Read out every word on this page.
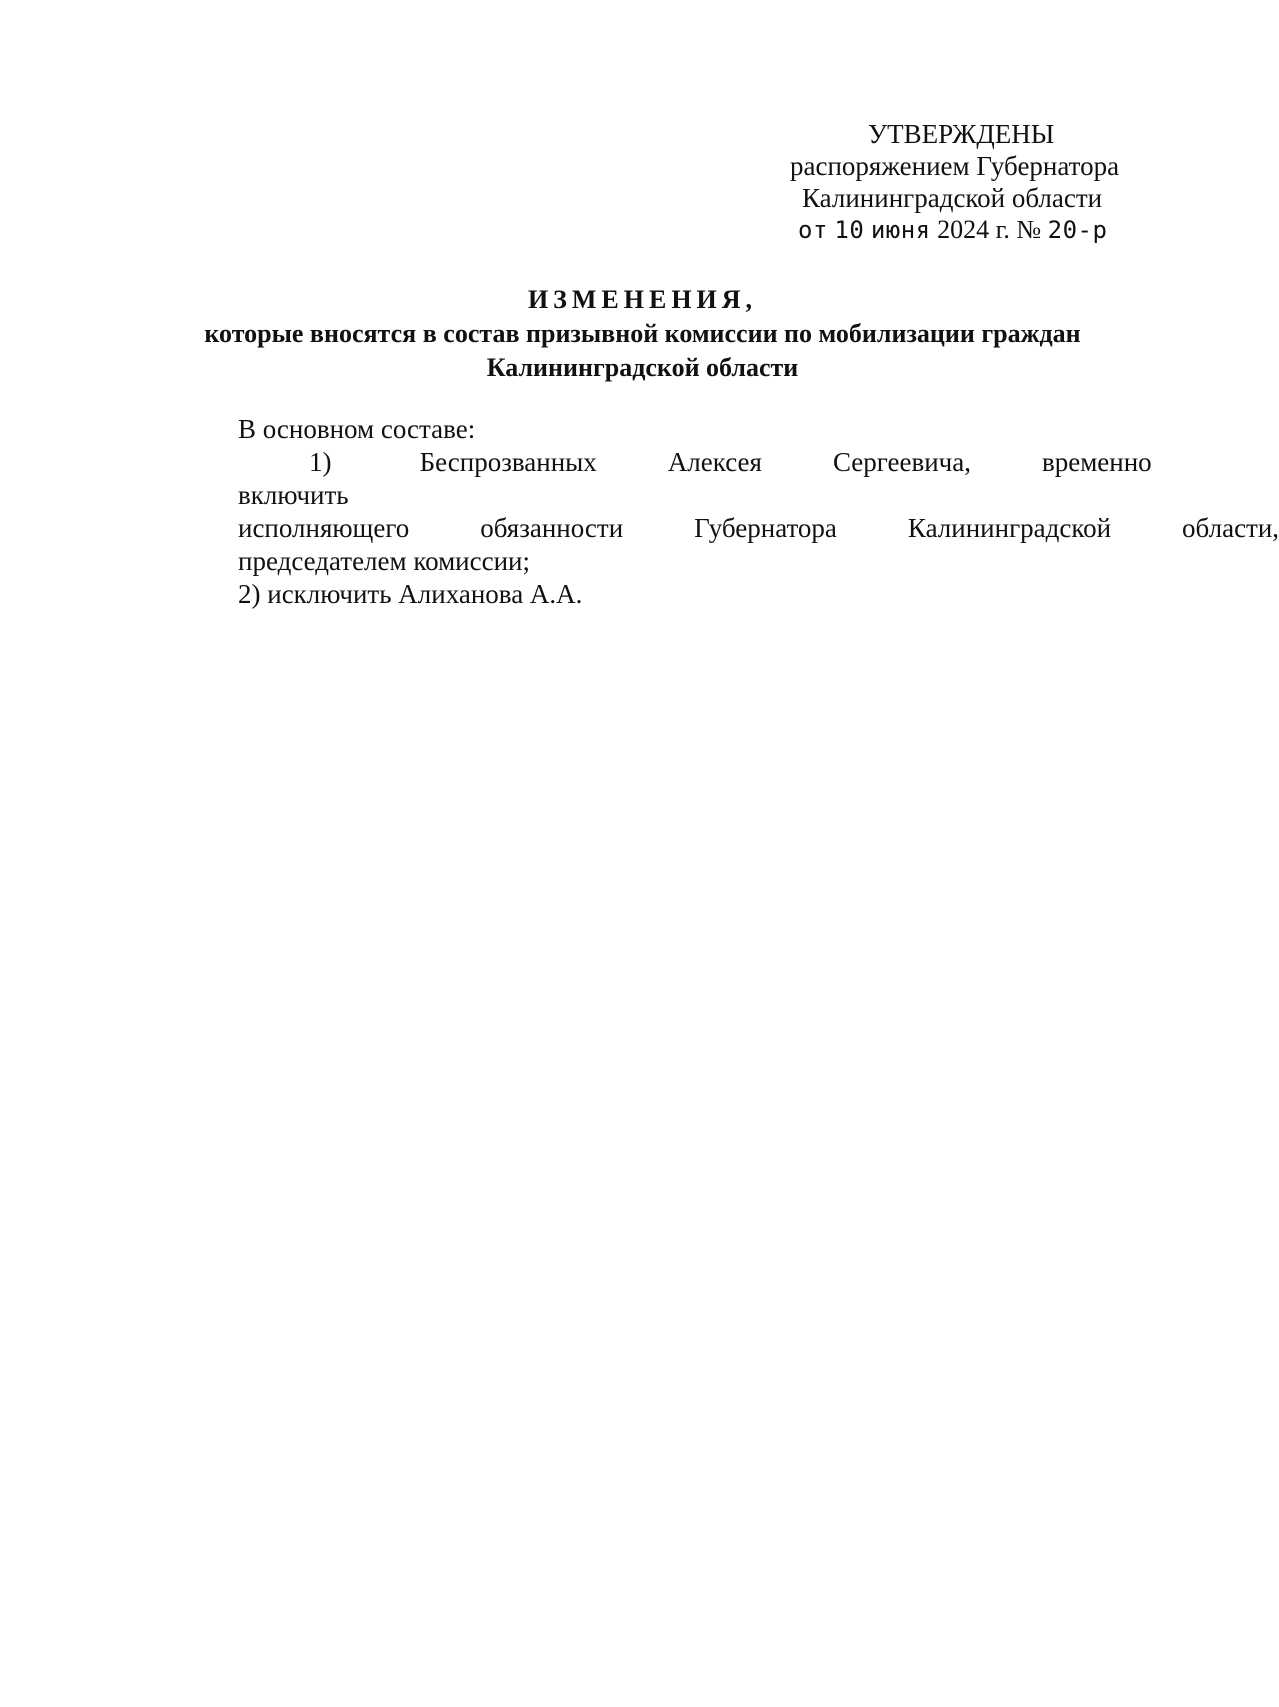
УТВЕРЖДЕНЫ
распоряжением Губернатора
Калининградской области
от 10 июня 2024 г. № 20-р
ИЗМЕНЕНИЯ,
которые вносятся в состав призывной комиссии по мобилизации граждан
Калининградской области

В основном составе:

1) включить
Беспрозванных	Алексея	Сергеевича,	временно
исполняющего	обязанности	Губернатора	Калининградской	области,
председателем комиссии;

2) исключить Алиханова А.А.
